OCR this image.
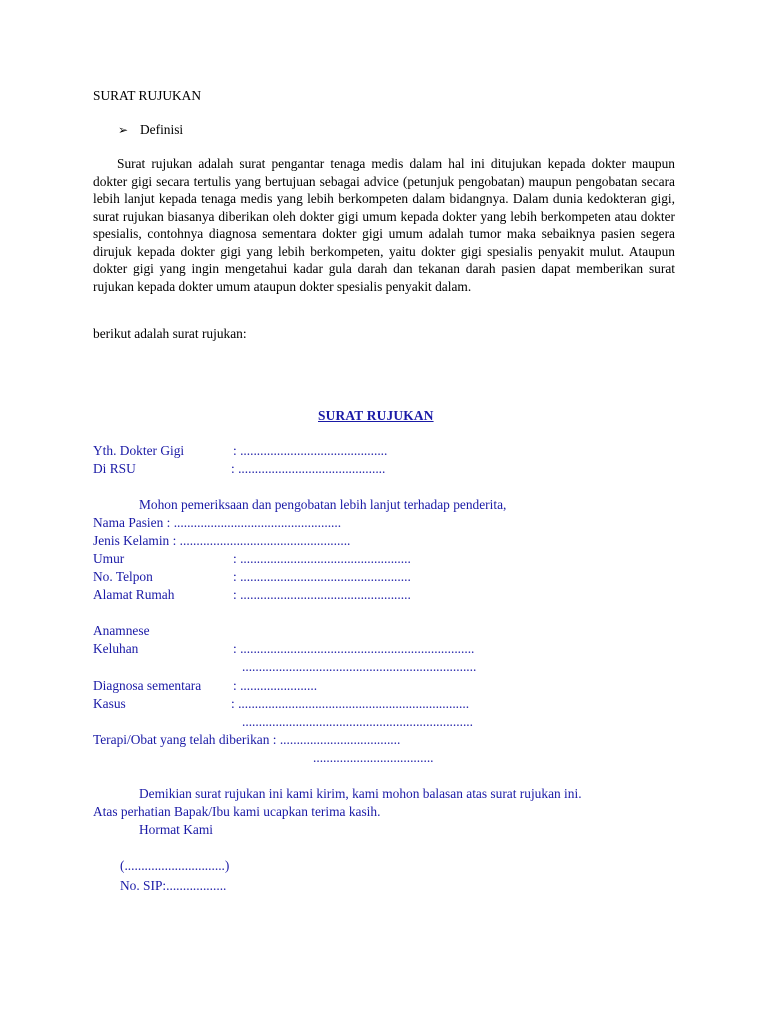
SURAT RUJUKAN
➢ Definisi

Surat rujukan adalah surat pengantar tenaga medis dalam hal ini ditujukan kepada dokter maupun dokter gigi secara tertulis yang bertujuan sebagai advice (petunjuk pengobatan) maupun pengobatan secara lebih lanjut kepada tenaga medis yang lebih berkompeten dalam bidangnya. Dalam dunia kedokteran gigi, surat rujukan biasanya diberikan oleh dokter gigi umum kepada dokter yang lebih berkompeten atau dokter spesialis, contohnya diagnosa sementara dokter gigi umum adalah tumor maka sebaiknya pasien segera dirujuk kepada dokter gigi yang lebih berkompeten, yaitu dokter gigi spesialis penyakit mulut. Ataupun dokter gigi yang ingin mengetahui kadar gula darah dan tekanan darah pasien dapat memberikan surat rujukan kepada dokter umum ataupun dokter spesialis penyakit dalam.

berikut adalah surat rujukan:
SURAT RUJUKAN
Yth. Dokter Gigi	: ............................................
Di RSU	: ............................................
Mohon pemeriksaan dan pengobatan lebih lanjut terhadap penderita,
Nama Pasien : ..................................................
Jenis Kelamin : ...................................................
Umur	: ...................................................
No. Telpon	: ...................................................
Alamat Rumah	: ...................................................
Anamnese
Keluhan	: ......................................................................
......................................................................
Diagnosa sementara : .......................
Kasus	: .....................................................................
.....................................................................
Terapi/Obat yang telah diberikan : ....................................
....................................
Demikian surat rujukan ini kami kirim, kami mohon balasan atas surat rujukan ini.
Atas perhatian Bapak/Ibu kami ucapkan terima kasih.
Hormat Kami
(..............................)
No. SIP:..................
